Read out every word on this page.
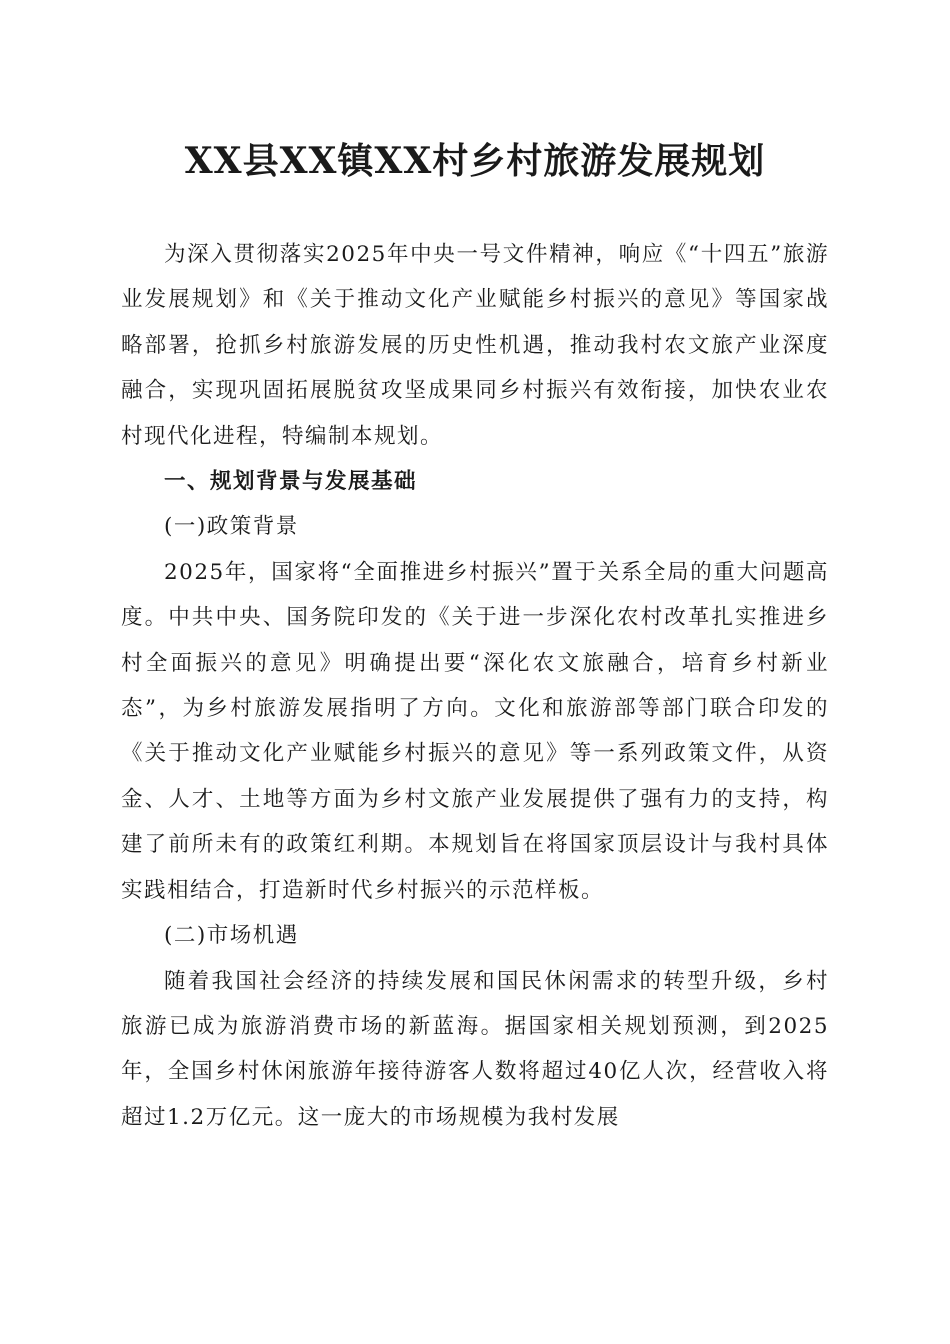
XX县XX镇XX村乡村旅游发展规划

为深入贯彻落实2025年中央一号文件精神，响应《“十四五”旅游业发展规划》和《关于推动文化产业赋能乡村振兴的意见》等国家战略部署，抢抓乡村旅游发展的历史性机遇，推动我村农文旅产业深度融合，实现巩固拓展脱贫攻坚成果同乡村振兴有效衔接，加快农业农村现代化进程，特编制本规划。

一、规划背景与发展基础

(一)政策背景

2025年，国家将“全面推进乡村振兴”置于关系全局的重大问题高度。中共中央、国务院印发的《关于进一步深化农村改革扎实推进乡村全面振兴的意见》明确提出要“深化农文旅融合，培育乡村新业态”，为乡村旅游发展指明了方向。文化和旅游部等部门联合印发的《关于推动文化产业赋能乡村振兴的意见》等一系列政策文件，从资金、人才、土地等方面为乡村文旅产业发展提供了强有力的支持，构建了前所未有的政策红利期。本规划旨在将国家顶层设计与我村具体实践相结合，打造新时代乡村振兴的示范样板。

(二)市场机遇

随着我国社会经济的持续发展和国民休闲需求的转型升级，乡村旅游已成为旅游消费市场的新蓝海。据国家相关规划预测，到2025年，全国乡村休闲旅游年接待游客人数将超过40亿人次，经营收入将超过1.2万亿元。这一庞大的市场规模为我村发展
